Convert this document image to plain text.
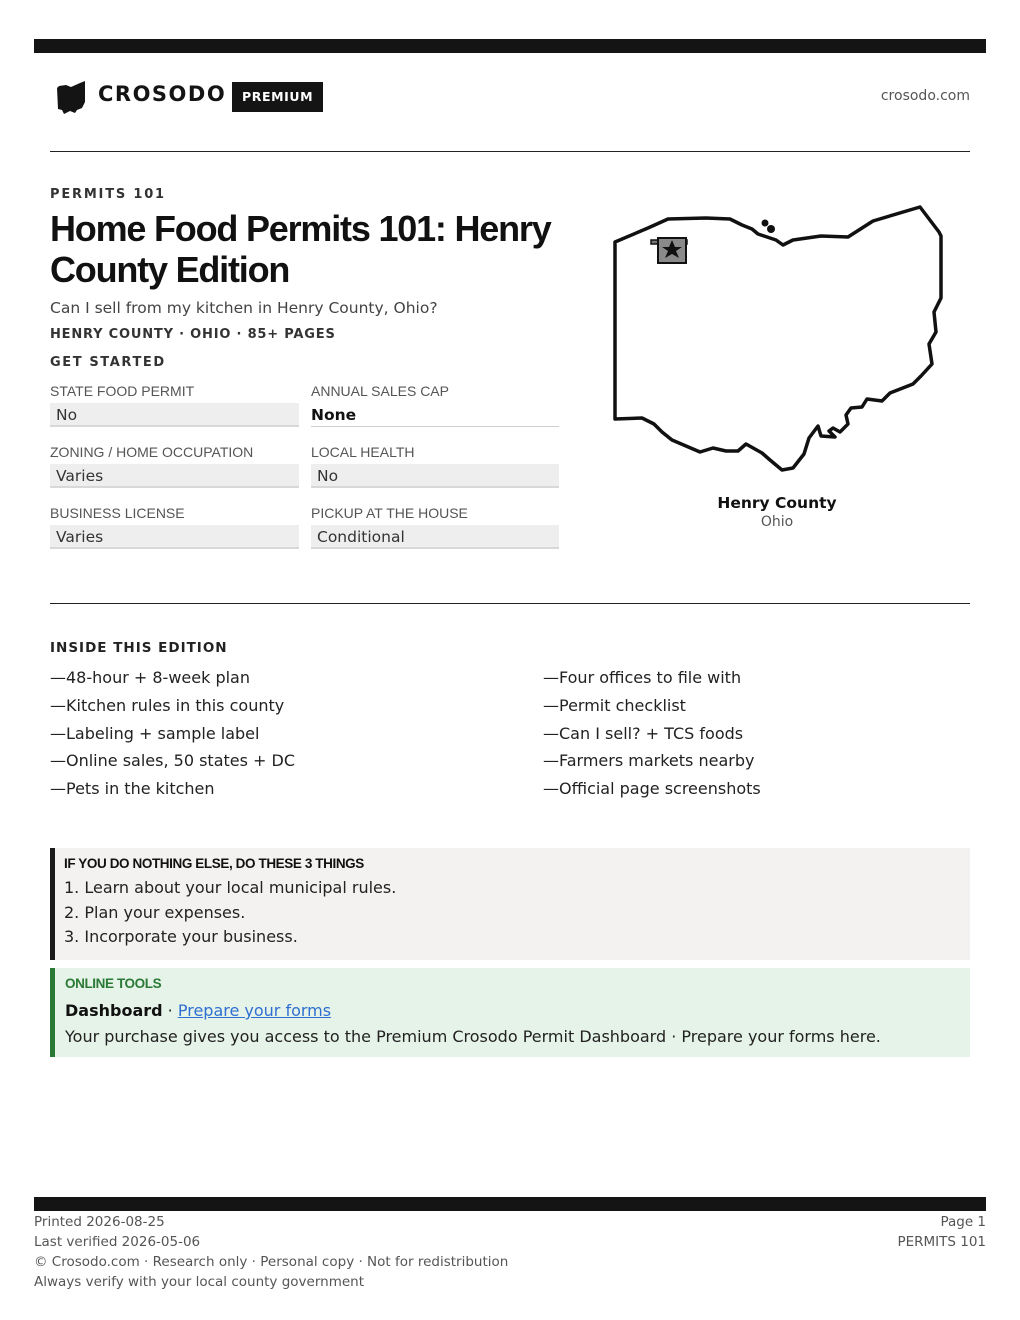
CROSODO	PREMIUM	crosodo.com
PERMITS 101
Home Food Permits 101: Henry County Edition
Can I sell from my kitchen in Henry County, Ohio?
HENRY COUNTY · OHIO · 85+ PAGES
GET STARTED
STATE FOOD PERMIT
No
ANNUAL SALES CAP
None
ZONING / HOME OCCUPATION
Varies
LOCAL HEALTH
No
BUSINESS LICENSE
Varies
PICKUP AT THE HOUSE
Conditional
Henry County
Ohio
INSIDE THIS EDITION
—48-hour + 8-week plan	—Four offices to file with
—Kitchen rules in this county	—Permit checklist
—Labeling + sample label	—Can I sell? + TCS foods
—Online sales, 50 states + DC	—Farmers markets nearby
—Pets in the kitchen	—Official page screenshots
IF YOU DO NOTHING ELSE, DO THESE 3 THINGS
1. Learn about your local municipal rules.
2. Plan your expenses.
3. Incorporate your business.
ONLINE TOOLS
Dashboard · Prepare your forms
Your purchase gives you access to the Premium Crosodo Permit Dashboard · Prepare your forms here.
Printed 2026-08-25
Last verified 2026-05-06
© Crosodo.com · Research only · Personal copy · Not for redistribution
Always verify with your local county government
Page 1
PERMITS 101
